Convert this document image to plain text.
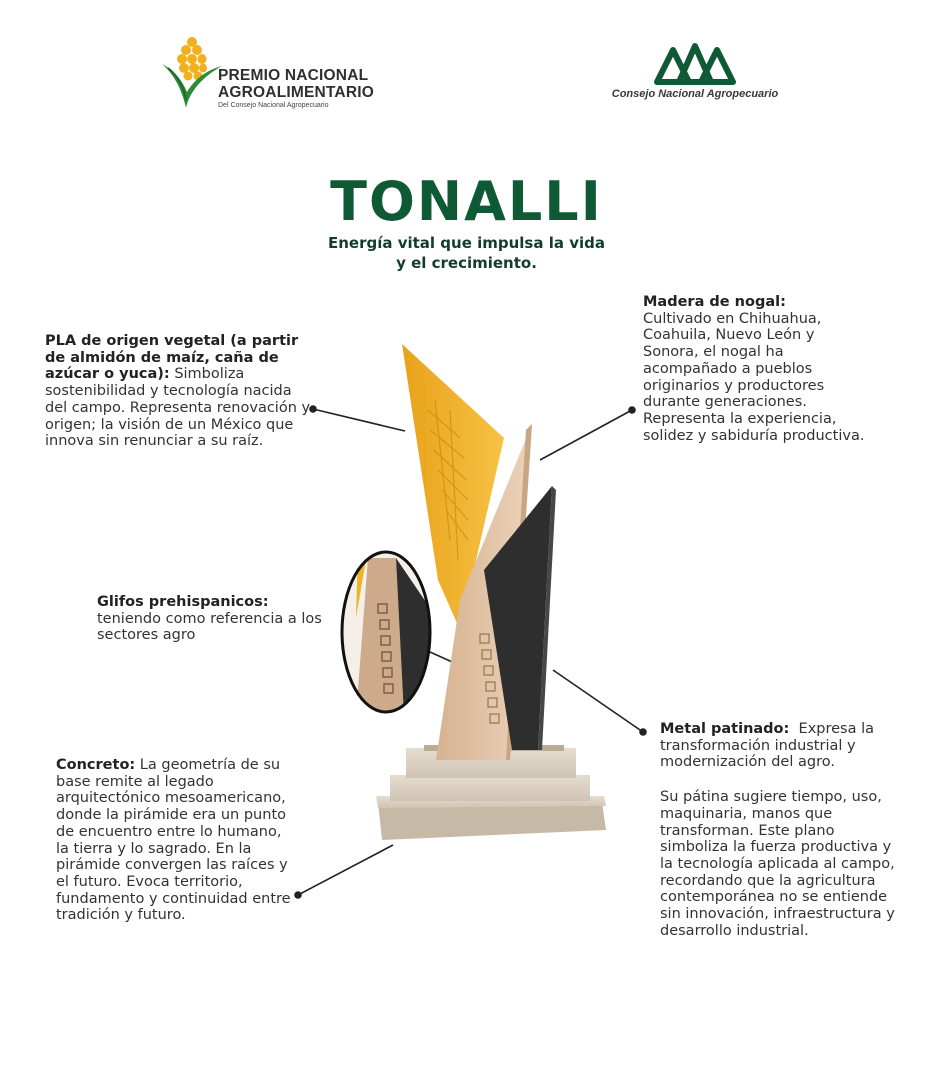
PREMIO NACIONAL
AGROALIMENTARIO
Del Consejo Nacional Agropecuario
Consejo Nacional Agropecuario
TONALLI
Energía vital que impulsa la vida
y el crecimiento.
PLA de origen vegetal (a partir de almidón de maíz, caña de azúcar o yuca): Simboliza sostenibilidad y tecnología nacida del campo. Representa renovación y origen; la visión de un México que innova sin renunciar a su raíz.
Madera de nogal:
Cultivado en Chihuahua, Coahuila, Nuevo León y Sonora, el nogal ha acompañado a pueblos originarios y productores durante generaciones. Representa la experiencia, solidez y sabiduría productiva.
Glifos prehispanicos:
teniendo como referencia a los sectores agro
Concreto: La geometría de su base remite al legado arquitectónico mesoamericano, donde la pirámide era un punto de encuentro entre lo humano, la tierra y lo sagrado. En la pirámide convergen las raíces y el futuro. Evoca territorio, fundamento y continuidad entre tradición y futuro.

Metal patinado:  Expresa la transformación industrial y modernización del agro.

Su pátina sugiere tiempo, uso, maquinaria, manos que transforman. Este plano simboliza la fuerza productiva y la tecnología aplicada al campo, recordando que la agricultura contemporánea no se entiende sin innovación, infraestructura y desarrollo industrial.
